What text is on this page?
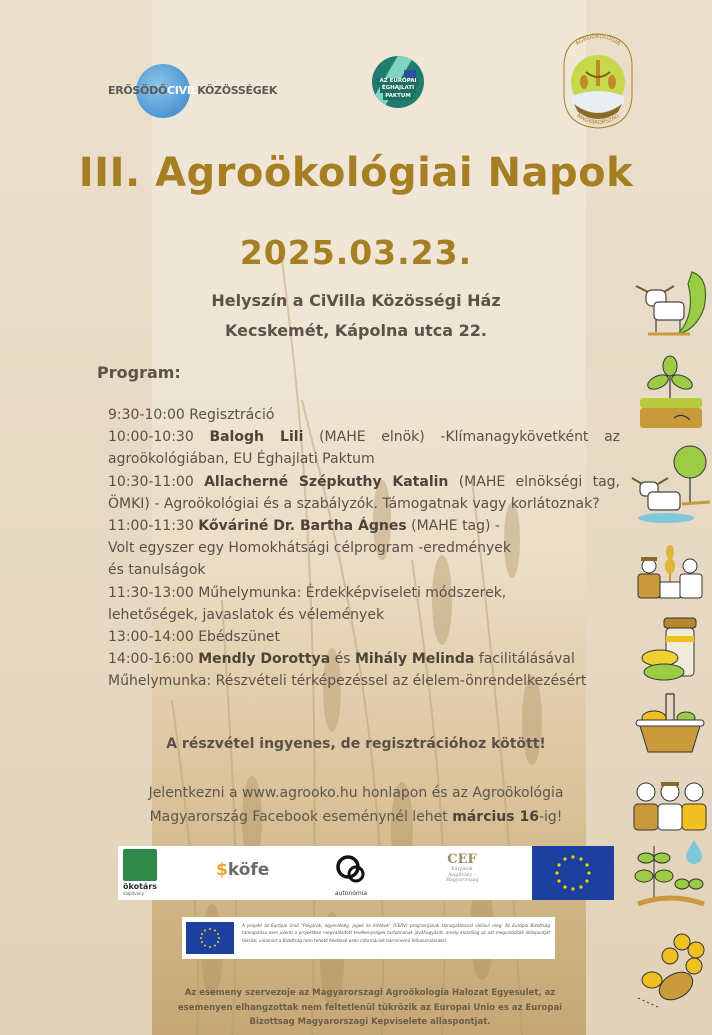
ERŐSÖDŐCIVILKÖZÖSSÉGEK
AZ EURÓPAI
ÉGHAJLATI
PAKTUM
AGROÖKOLÓGIA
MAGYARORSZÁG
III. Agroökológiai Napok
2025.03.23.
Helyszín a CiVilla Közösségi Ház
Kecskemét, Kápolna utca 22.
Program:

9:30-10:00 Regisztráció

10:00-10:30 Balogh Lili (MAHE elnök) -Klímanagykövetként az agroökológiában, EU Éghajlati Paktum

10:30-11:00 Allacherné Szépkuthy Katalin (MAHE elnökségi tag, ÖMKI) - Agroökológiai és a szabályzók. Támogatnak vagy korlátoznak?

11:00-11:30 Kőváriné Dr. Bartha Ágnes (MAHE tag) -
Volt egyszer egy Homokhátsági célprogram -eredmények
és tanulságok

11:30-13:00 Műhelymunka: Érdekképviseleti módszerek,
lehetőségek, javaslatok és vélemények

13:00-14:00 Ebédszünet

14:00-16:00 Mendly Dorottya és Mihály Melinda facilitálásával
Műhelymunka: Részvételi térképezéssel az élelem-önrendelkezésért

A részvétel ingyenes, de regisztrációhoz kötött!
Jelentkezni a www.agrooko.hu honlapon és az Agroökológia
Magyarország Facebook eseménynél lehet március 16-ig!
ökotárs
alapítvány
$köfe
autonómia
CEF
Kárpátok
Alapítvány –
Magyarország
A projekt az Európai Unió "Polgárok, egyenlőség, jogok és értékek" (CERV) programjának támogatásával valósul meg. Az Európai Bizottság támogatása nem jelenti a projektben megvalósított tevékenységek tartalmának jóváhagyását, amely kizárólag az azt megvalósítók álláspontját tükrözi, valamint a Bizottság nem tehető felelőssé ezen információk bárminemű felhasználásáért.
Az esemeny szervezoje az Magyarorszagi Agroökologia Halozat Egyesulet, az
esemenyen elhangzottak nem feltetlenül tükrözik az Europai Unio es az Europai
Bizottsag Magyarorszagi Kepviselete allaspontjat.
